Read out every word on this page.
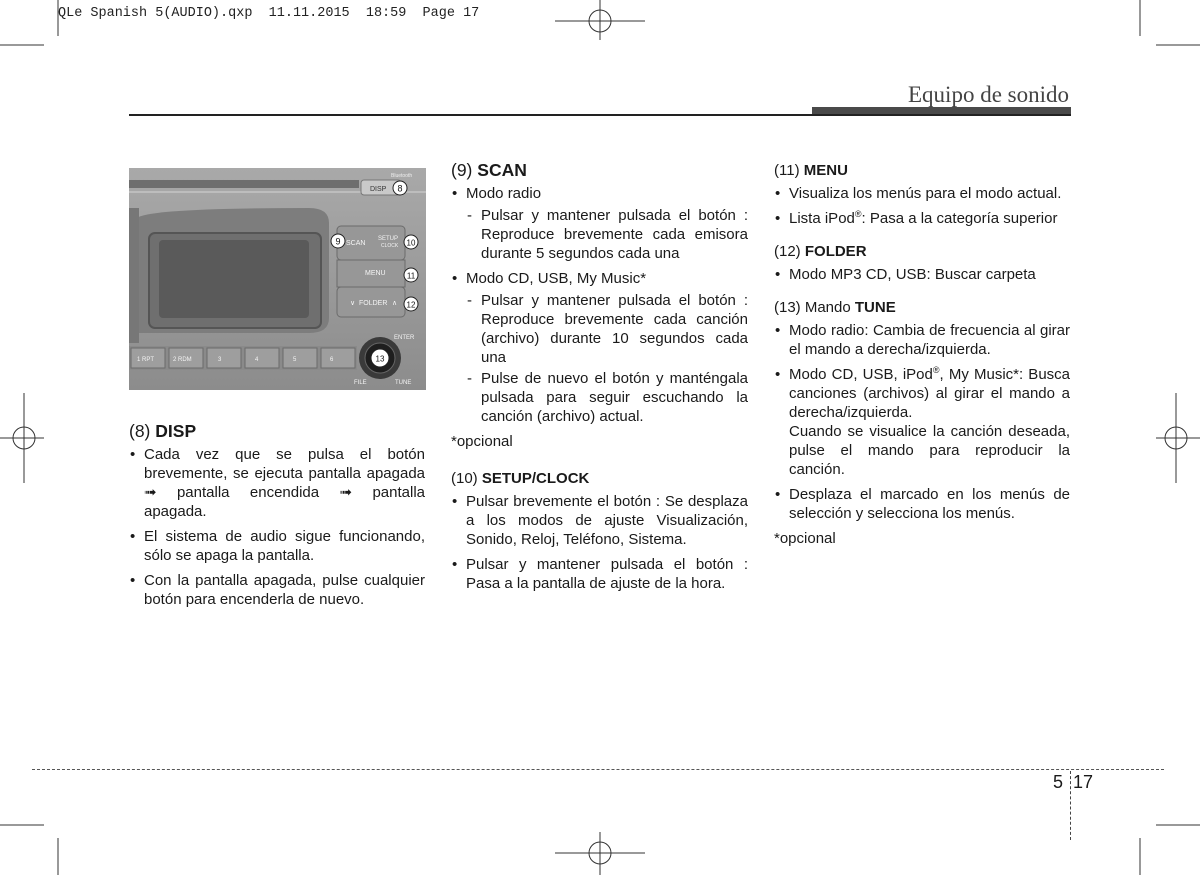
QLe Spanish 5(AUDIO).qxp  11.11.2015  18:59  Page 17
Equipo de sonido
Bluetooth
DISP
SCAN
SETUP
CLOCK
MENU
∨ FOLDER ∧
1 RPT	2 RDM	3	4	5	6
ENTER
FILE	TUNE
8
9	10
11
12
13
(8) DISP
• Cada vez que se pulsa el botón brevemente, se ejecuta pantalla apagada ➟ pantalla encendida ➟ pantalla apagada.
• El sistema de audio sigue funcionando, sólo se apaga la pantalla.
• Con la pantalla apagada, pulse cualquier botón para encenderla de nuevo.
(9) SCAN
• Modo radio
- Pulsar y mantener pulsada el botón : Reproduce brevemente cada emisora durante 5 segundos cada una
• Modo CD, USB, My Music*
- Pulsar y mantener pulsada el botón : Reproduce brevemente cada canción (archivo) durante 10 segundos cada una
- Pulse de nuevo el botón y manténgala pulsada para seguir escuchando la canción (archivo) actual.
*opcional
(10) SETUP/CLOCK
• Pulsar brevemente el botón : Se desplaza a los modos de ajuste Visualización, Sonido, Reloj, Teléfono, Sistema.
• Pulsar y mantener pulsada el botón : Pasa a la pantalla de ajuste de la hora.
(11) MENU
• Visualiza los menús para el modo actual.
• Lista iPod®: Pasa a la categoría superior
(12) FOLDER
• Modo MP3 CD, USB: Buscar carpeta
(13) Mando TUNE
• Modo radio: Cambia de frecuencia al girar el mando a derecha/izquierda.
• Modo CD, USB, iPod®, My Music*: Busca canciones (archivos) al girar el mando a derecha/izquierda.
Cuando se visualice la canción deseada, pulse el mando para reproducir la canción.
• Desplaza el marcado en los menús de selección y selecciona los menús.
*opcional
5 17
